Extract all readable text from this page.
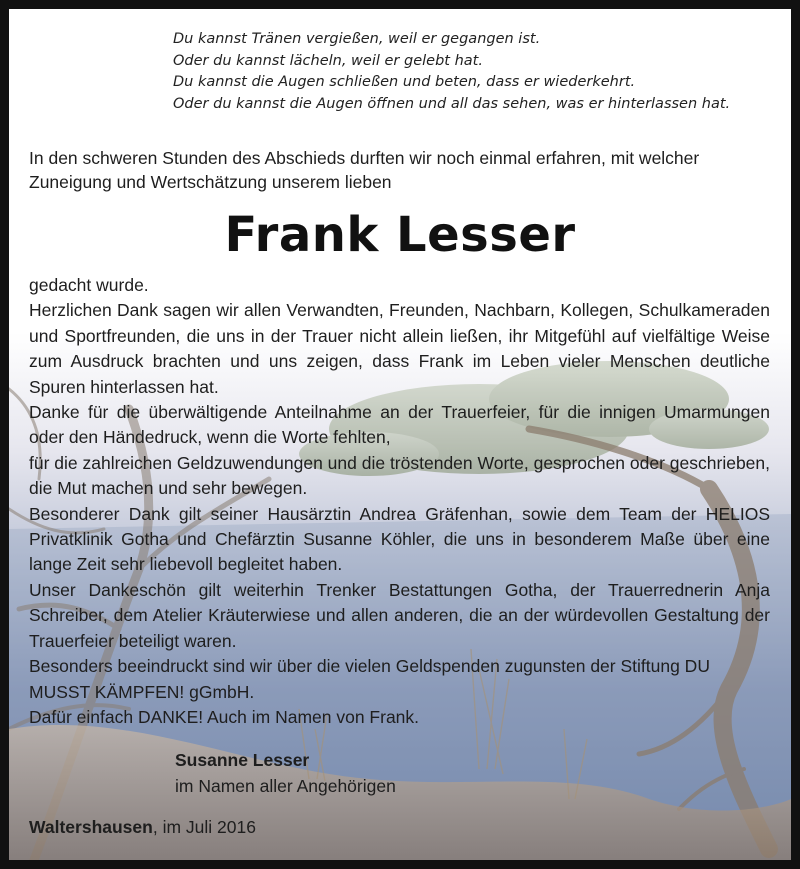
Du kannst Tränen vergießen, weil er gegangen ist.
Oder du kannst lächeln, weil er gelebt hat.
Du kannst die Augen schließen und beten, dass er wiederkehrt.
Oder du kannst die Augen öffnen und all das sehen, was er hinterlassen hat.
In den schweren Stunden des Abschieds durften wir noch einmal erfahren, mit welcher Zuneigung und Wertschätzung unserem lieben
Frank Lesser
gedacht wurde.
Herzlichen Dank sagen wir allen Verwandten, Freunden, Nachbarn, Kollegen, Schulkameraden und Sportfreunden, die uns in der Trauer nicht allein ließen, ihr Mitgefühl auf vielfältige Weise zum Ausdruck brachten und uns zeigen, dass Frank im Leben vieler Menschen deutliche Spuren hinterlassen hat.
Danke für die überwältigende Anteilnahme an der Trauerfeier, für die innigen Umarmungen oder den Händedruck, wenn die Worte fehlten,
für die zahlreichen Geldzuwendungen und die tröstenden Worte, gesprochen oder geschrieben, die Mut machen und sehr bewegen.
Besonderer Dank gilt seiner Hausärztin Andrea Gräfenhan, sowie dem Team der HELIOS Privatklinik Gotha und Chefärztin Susanne Köhler, die uns in besonderem Maße über eine lange Zeit sehr liebevoll begleitet haben.
Unser Dankeschön gilt weiterhin Trenker Bestattungen Gotha, der Trauerrednerin Anja Schreiber, dem Atelier Kräuterwiese und allen anderen, die an der würdevollen Gestaltung der Trauerfeier beteiligt waren.
Besonders beeindruckt sind wir über die vielen Geldspenden zugunsten der Stiftung DU MUSST KÄMPFEN! gGmbH.
Dafür einfach DANKE! Auch im Namen von Frank.
Susanne Lesser
im Namen aller Angehörigen
Waltershausen, im Juli 2016
